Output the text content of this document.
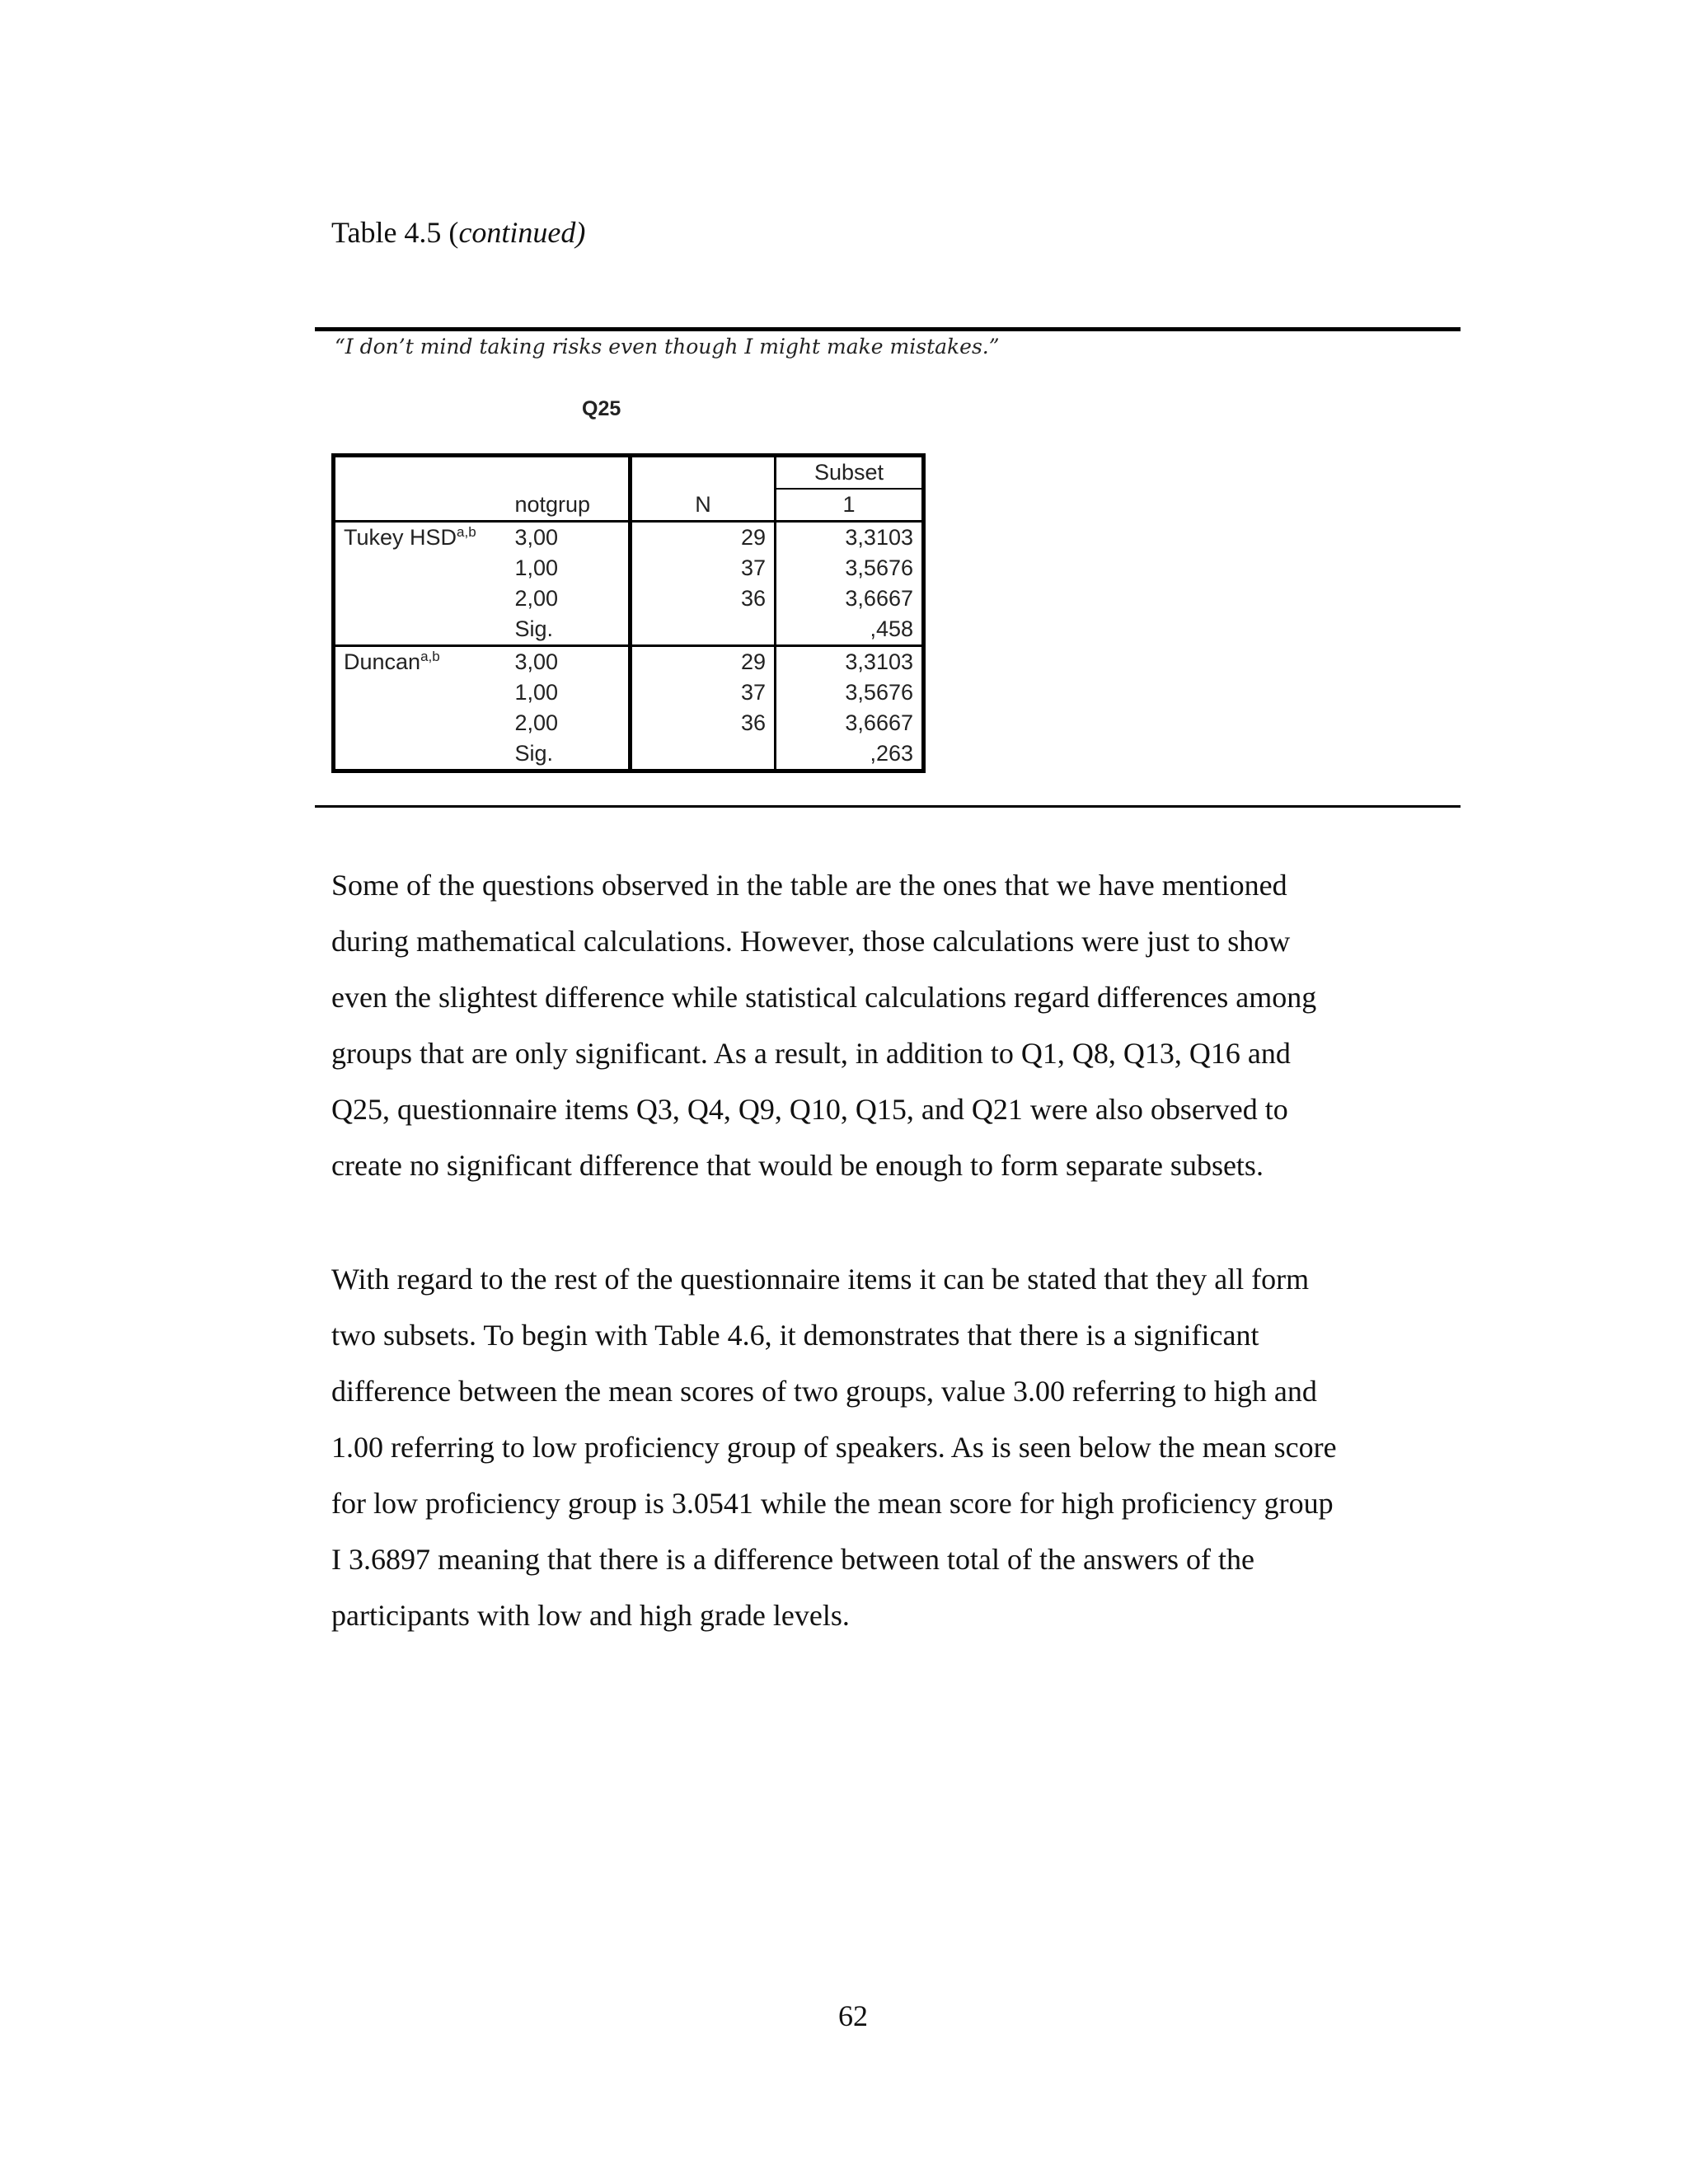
Table 4.5 (continued)
“I don’t mind taking risks even though I might make mistakes.”
Q25
			Subset
	notgrup	N	1
Tukey HSD$^{a,b}$	3,00	29	3,3103
	1,00	37	3,5676
	2,00	36	3,6667
	Sig.		,458
Duncan$^{a,b}$	3,00	29	3,3103
	1,00	37	3,5676
	2,00	36	3,6667
	Sig.		,263
Some of the questions observed in the table are the ones that we have mentioned
during mathematical calculations. However, those calculations were just to show
even the slightest difference while statistical calculations regard differences among
groups that are only significant. As a result, in addition to Q1, Q8, Q13, Q16 and
Q25, questionnaire items Q3, Q4, Q9, Q10, Q15, and Q21 were also observed to
create no significant difference that would be enough to form separate subsets.
With regard to the rest of the questionnaire items it can be stated that they all form
two subsets. To begin with Table 4.6, it demonstrates that there is a significant
difference between the mean scores of two groups, value 3.00 referring to high and
1.00 referring to low proficiency group of speakers. As is seen below the mean score
for low proficiency group is 3.0541 while the mean score for high proficiency group
I 3.6897 meaning that there is a difference between total of the answers of the
participants with low and high grade levels.
62
